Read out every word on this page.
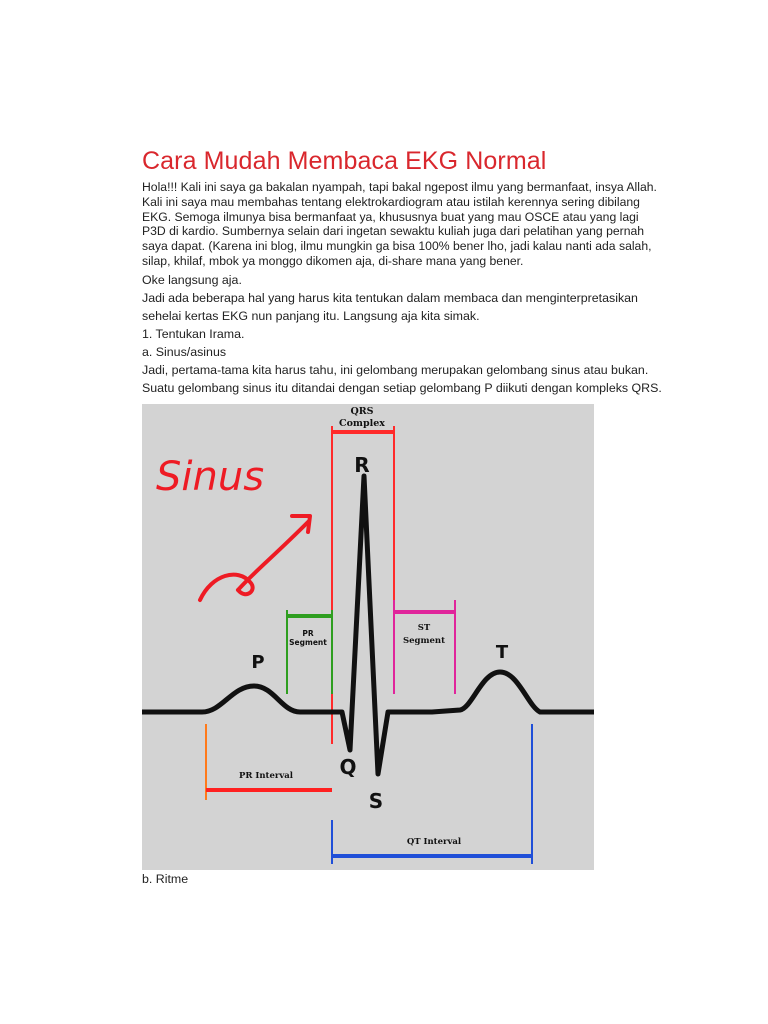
Cara Mudah Membaca EKG Normal

Hola!!! Kali ini saya ga bakalan nyampah, tapi bakal ngepost ilmu yang bermanfaat, insya Allah. Kali ini saya mau membahas tentang elektrokardiogram atau istilah kerennya sering dibilang EKG. Semoga ilmunya bisa bermanfaat ya, khususnya buat yang mau OSCE atau yang lagi P3D di kardio. Sumbernya selain dari ingetan sewaktu kuliah juga dari pelatihan yang pernah saya dapat. (Karena ini blog, ilmu mungkin ga bisa 100% bener lho, jadi kalau nanti ada salah, silap, khilaf, mbok ya monggo dikomen aja, di-share mana yang bener.

Oke langsung aja.

Jadi ada beberapa hal yang harus kita tentukan dalam membaca dan menginterpretasikan sehelai kertas EKG nun panjang itu. Langsung aja kita simak.

1. Tentukan Irama.

a. Sinus/asinus

Jadi, pertama-tama kita harus tahu, ini gelombang merupakan gelombang sinus atau bukan. Suatu gelombang sinus itu ditandai dengan setiap gelombang P diikuti dengan kompleks QRS.

Sinus
QRS
Complex
PR
Segment
ST
Segment
P
R
Q
S
T
PR Interval
QT Interval
b. Ritme
